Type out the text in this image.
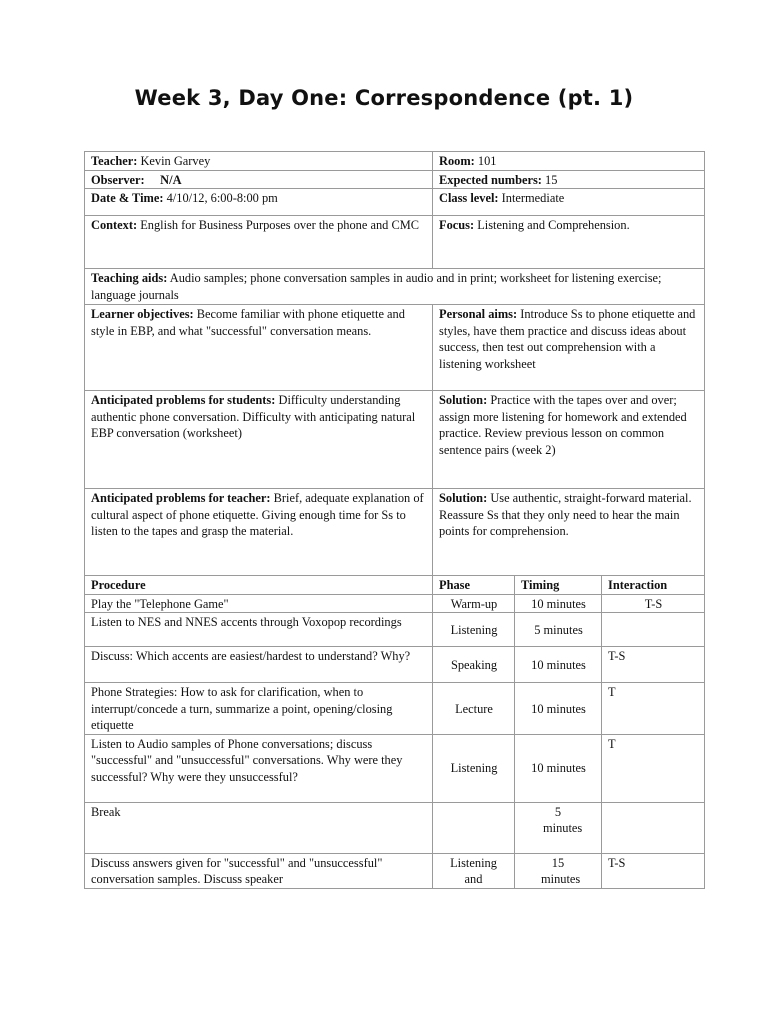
Week 3, Day One: Correspondence (pt. 1)
Teacher: Kevin Garvey	Room: 101		
Observer: N/A	Expected numbers: 15		
Date & Time: 4/10/12, 6:00-8:00 pm	Class level: Intermediate		
Context: English for Business Purposes over the phone and CMC	Focus: Listening and Comprehension.		
Teaching aids: Audio samples; phone conversation samples in audio and in print; worksheet for listening exercise; language journals			
Learner objectives: Become familiar with phone etiquette and style in EBP, and what "successful" conversation means.	Personal aims: Introduce Ss to phone etiquette and styles, have them practice and discuss ideas about success, then test out comprehension with a listening worksheet		
Anticipated problems for students: Difficulty understanding authentic phone conversation. Difficulty with anticipating natural EBP conversation (worksheet)	Solution: Practice with the tapes over and over; assign more listening for homework and extended practice. Review previous lesson on common sentence pairs (week 2)		
Anticipated problems for teacher: Brief, adequate explanation of cultural aspect of phone etiquette. Giving enough time for Ss to listen to the tapes and grasp the material.	Solution: Use authentic, straight-forward material. Reassure Ss that they only need to hear the main points for comprehension.		
Procedure	Phase	Timing	Interaction
Play the "Telephone Game"	Warm-up	10 minutes	T-S
Listen to NES and NNES accents through Voxopop recordings	Listening	5 minutes	
Discuss: Which accents are easiest/hardest to understand? Why?	Speaking	10 minutes	T-S
Phone Strategies: How to ask for clarification, when to interrupt/concede a turn, summarize a point, opening/closing etiquette	Lecture	10 minutes	T
Listen to Audio samples of Phone conversations; discuss "successful" and "unsuccessful" conversations. Why were they successful? Why were they unsuccessful?	Listening	10 minutes	T
Break		5 minutes	
Discuss answers given for "successful" and "unsuccessful" conversation samples. Discuss speaker	Listening and	15 minutes	T-S
